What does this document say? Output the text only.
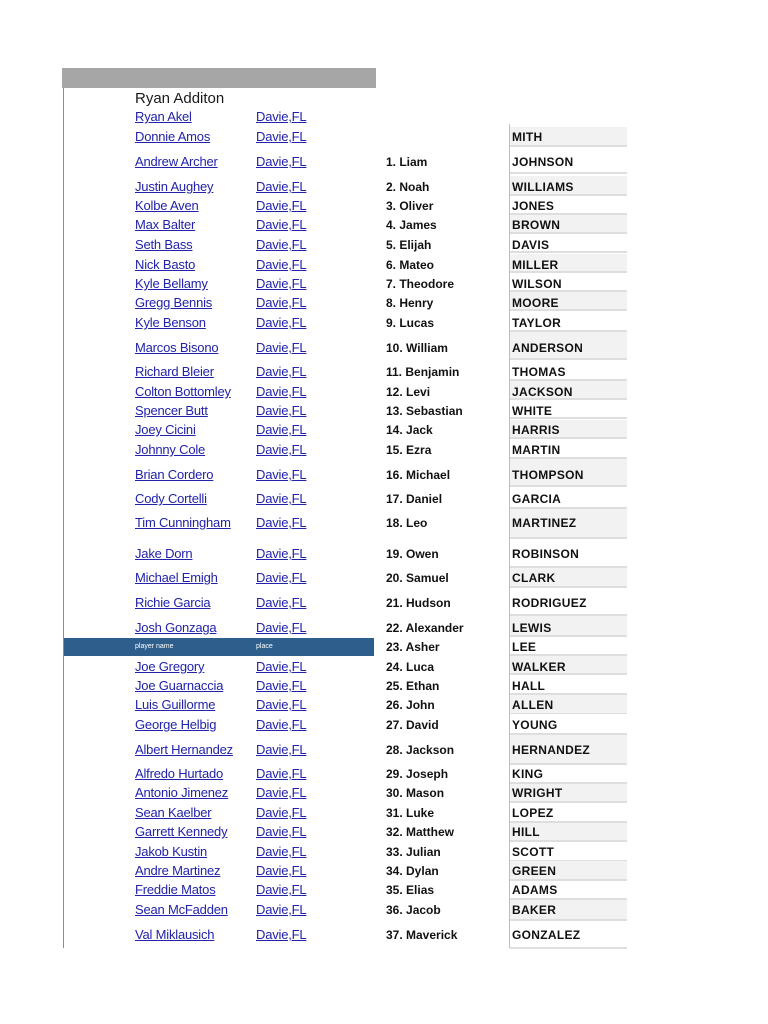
Ryan Additon
Ryan Akel	Davie,FL
Donnie Amos	Davie,FL
Andrew Archer	Davie,FL
Justin Aughey	Davie,FL
Kolbe Aven	Davie,FL
Max Balter	Davie,FL
Seth Bass	Davie,FL
Nick Basto	Davie,FL
Kyle Bellamy	Davie,FL
Gregg Bennis	Davie,FL
Kyle Benson	Davie,FL
Marcos Bisono	Davie,FL
Richard Bleier	Davie,FL
Colton Bottomley Davie,FL
Spencer Butt	Davie,FL
Joey Cicini	Davie,FL
Johnny Cole	Davie,FL
Brian Cordero	Davie,FL
Cody Cortelli	Davie,FL
Tim Cunningham Davie,FL
Jake Dorn	Davie,FL
Michael Emigh	Davie,FL
Richie Garcia	Davie,FL
Josh Gonzaga	Davie,FL
Joe Gregory	Davie,FL
Joe Guarnaccia	Davie,FL
Luis Guillorme	Davie,FL
George Helbig	Davie,FL
Albert Hernandez Davie,FL
Alfredo Hurtado	Davie,FL
Antonio Jimenez Davie,FL
Sean Kaelber	Davie,FL
Garrett Kennedy Davie,FL
Jakob Kustin	Davie,FL
Andre Martinez	Davie,FL
Freddie Matos	Davie,FL
Sean McFadden Davie,FL
Val Miklausich	Davie,FL
player name	place
MITH
1. Liam	JOHNSON
2. Noah	WILLIAMS
3. Oliver	JONES
4. James	BROWN
5. Elijah	DAVIS
6. Mateo	MILLER
7. Theodore	WILSON
8. Henry	MOORE
9. Lucas	TAYLOR
10. William	ANDERSON
11. Benjamin	THOMAS
12. Levi	JACKSON
13. Sebastian	WHITE
14. Jack	HARRIS
15. Ezra	MARTIN
16. Michael	THOMPSON
17. Daniel	GARCIA
18. Leo	MARTINEZ
19. Owen	ROBINSON
20. Samuel	CLARK
21. Hudson	RODRIGUEZ
22. Alexander	LEWIS
23. Asher	LEE
24. Luca	WALKER
25. Ethan	HALL
26. John	ALLEN
27. David	YOUNG
28. Jackson	HERNANDEZ
29. Joseph	KING
30. Mason	WRIGHT
31. Luke	LOPEZ
32. Matthew	HILL
33. Julian	SCOTT
34. Dylan	GREEN
35. Elias	ADAMS
36. Jacob	BAKER
37. Maverick	GONZALEZ
